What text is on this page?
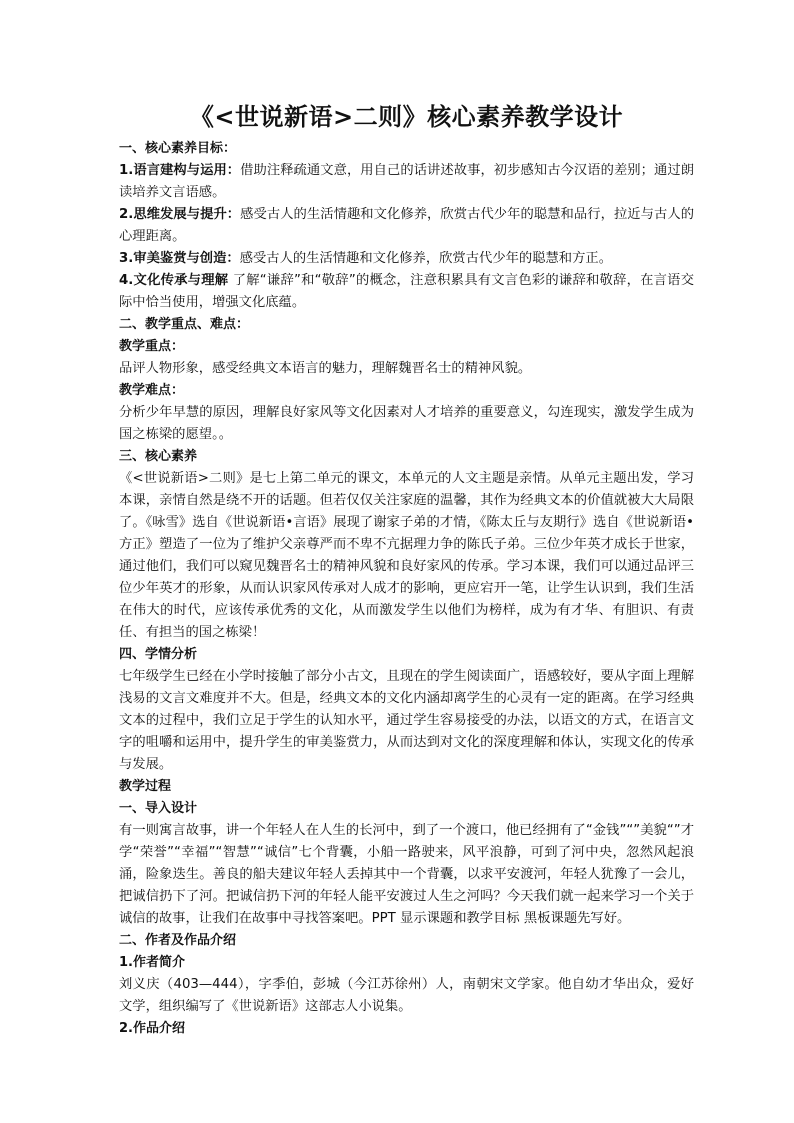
《<世说新语>二则》核心素养教学设计
一、核心素养目标：

1.语言建构与运用：借助注释疏通文意，用自己的话讲述故事，初步感知古今汉语的差别；通过朗读培养文言语感。

2.思维发展与提升：感受古人的生活情趣和文化修养，欣赏古代少年的聪慧和品行，拉近与古人的心理距离。

3.审美鉴赏与创造：感受古人的生活情趣和文化修养，欣赏古代少年的聪慧和方正。

4.文化传承与理解 了解“谦辞”和“敬辞”的概念，注意积累具有文言色彩的谦辞和敬辞，在言语交际中恰当使用，增强文化底蕴。

二、教学重点、难点：
教学重点：

品评人物形象，感受经典文本语言的魅力，理解魏晋名士的精神风貌。

教学难点：

分析少年早慧的原因，理解良好家风等文化因素对人才培养的重要意义，勾连现实，激发学生成为国之栋梁的愿望。。

三、核心素养

《<世说新语>二则》是七上第二单元的课文，本单元的人文主题是亲情。从单元主题出发，学习本课，亲情自然是绕不开的话题。但若仅仅关注家庭的温馨，其作为经典文本的价值就被大大局限了。《咏雪》选自《世说新语•言语》展现了谢家子弟的才情，《陈太丘与友期行》选自《世说新语•方正》塑造了一位为了维护父亲尊严而不卑不亢据理力争的陈氏子弟。三位少年英才成长于世家，通过他们，我们可以窥见魏晋名士的精神风貌和良好家风的传承。学习本课，我们可以通过品评三位少年英才的形象，从而认识家风传承对人成才的影响，更应宕开一笔，让学生认识到，我们生活在伟大的时代，应该传承优秀的文化，从而激发学生以他们为榜样，成为有才华、有胆识、有责任、有担当的国之栋梁！

四、学情分析

七年级学生已经在小学时接触了部分小古文，且现在的学生阅读面广，语感较好，要从字面上理解浅易的文言文难度并不大。但是，经典文本的文化内涵却离学生的心灵有一定的距离。在学习经典文本的过程中，我们立足于学生的认知水平，通过学生容易接受的办法，以语文的方式，在语言文字的咀嚼和运用中，提升学生的审美鉴赏力，从而达到对文化的深度理解和体认，实现文化的传承与发展。

教学过程
一、导入设计

有一则寓言故事，讲一个年轻人在人生的长河中，到了一个渡口，他已经拥有了“金钱”“”美貌“”才学“荣誉”“幸福”“智慧”“诚信”七个背囊，小船一路驶来，风平浪静，可到了河中央，忽然风起浪涌，险象迭生。善良的船夫建议年轻人丢掉其中一个背囊，以求平安渡河，年轻人犹豫了一会儿，把诚信扔下了河。把诚信扔下河的年轻人能平安渡过人生之河吗？今天我们就一起来学习一个关于诚信的故事，让我们在故事中寻找答案吧。PPT 显示课题和教学目标 黑板课题先写好。

二、作者及作品介绍
1.作者简介

刘义庆（403—444），字季伯，彭城（今江苏徐州）人，南朝宋文学家。他自幼才华出众，爱好文学，组织编写了《世说新语》这部志人小说集。

2.作品介绍
